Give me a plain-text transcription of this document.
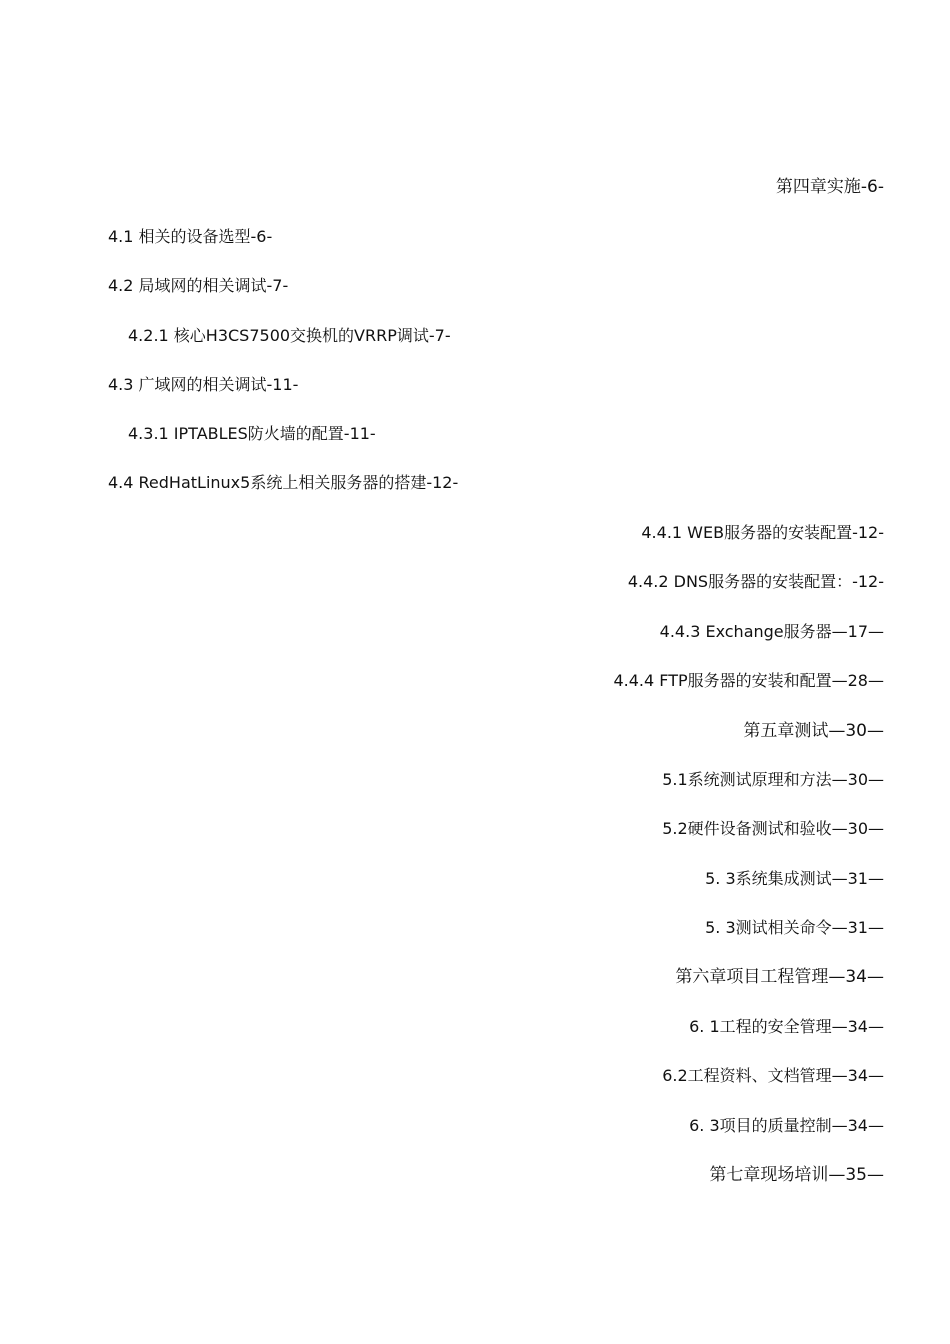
第四章实施-6-
4.1 相关的设备选型-6-
4.2 局域网的相关调试-7-
4.2.1 核心H3CS7500交换机的VRRP调试-7-
4.3 广域网的相关调试-11-
4.3.1 IPTABLES防火墙的配置-11-
4.4 RedHatLinux5系统上相关服务器的搭建-12-
4.4.1 WEB服务器的安装配置-12-
4.4.2 DNS服务器的安装配置：-12-
4.4.3 Exchange服务器—17—
4.4.4 FTP服务器的安装和配置—28—
第五章测试—30—
5.1系统测试原理和方法—30—
5.2硬件设备测试和验收—30—
5. 3系统集成测试—31—
5. 3测试相关命令—31—
第六章项目工程管理—34—
6. 1工程的安全管理—34—
6.2工程资料、文档管理—34—
6. 3项目的质量控制—34—
第七章现场培训—35—
